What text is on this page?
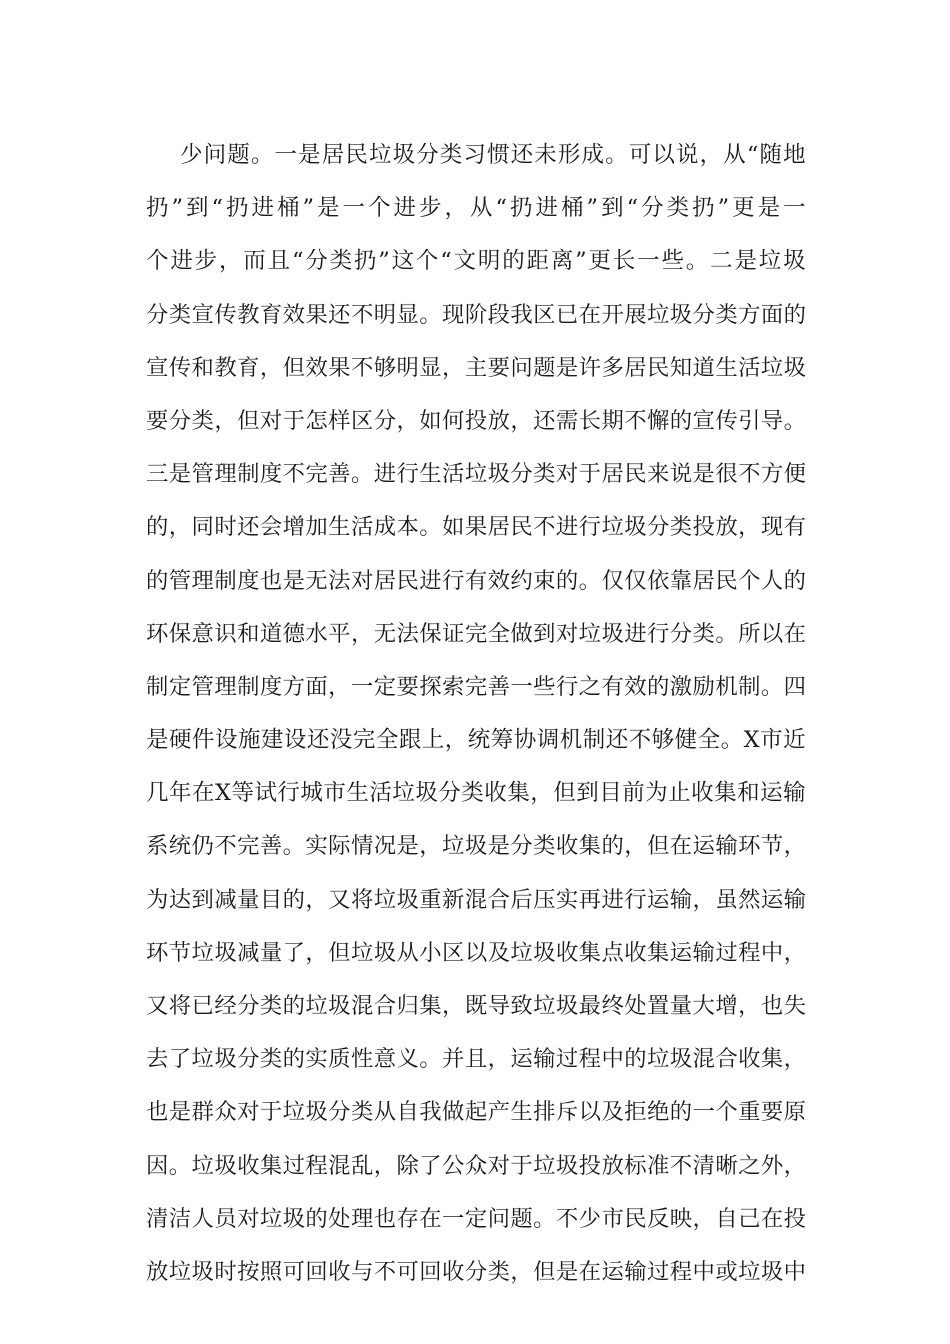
少问题。一是居民垃圾分类习惯还未形成。可以说，从“随地
扔”到“扔进桶”是一个进步，从“扔进桶”到“分类扔”更是一
个进步，而且“分类扔”这个“文明的距离”更长一些。二是垃圾
分类宣传教育效果还不明显。现阶段我区已在开展垃圾分类方面的
宣传和教育，但效果不够明显，主要问题是许多居民知道生活垃圾
要分类，但对于怎样区分，如何投放，还需长期不懈的宣传引导。
三是管理制度不完善。进行生活垃圾分类对于居民来说是很不方便
的，同时还会增加生活成本。如果居民不进行垃圾分类投放，现有
的管理制度也是无法对居民进行有效约束的。仅仅依靠居民个人的
环保意识和道德水平，无法保证完全做到对垃圾进行分类。所以在
制定管理制度方面，一定要探索完善一些行之有效的激励机制。四
是硬件设施建设还没完全跟上，统筹协调机制还不够健全。X市近
几年在X等试行城市生活垃圾分类收集，但到目前为止收集和运输
系统仍不完善。实际情况是，垃圾是分类收集的，但在运输环节，
为达到减量目的，又将垃圾重新混合后压实再进行运输，虽然运输
环节垃圾减量了，但垃圾从小区以及垃圾收集点收集运输过程中，
又将已经分类的垃圾混合归集，既导致垃圾最终处置量大增，也失
去了垃圾分类的实质性意义。并且，运输过程中的垃圾混合收集，
也是群众对于垃圾分类从自我做起产生排斥以及拒绝的一个重要原
因。垃圾收集过程混乱，除了公众对于垃圾投放标准不清晰之外，
清洁人员对垃圾的处理也存在一定问题。不少市民反映，自己在投
放垃圾时按照可回收与不可回收分类，但是在运输过程中或垃圾中
